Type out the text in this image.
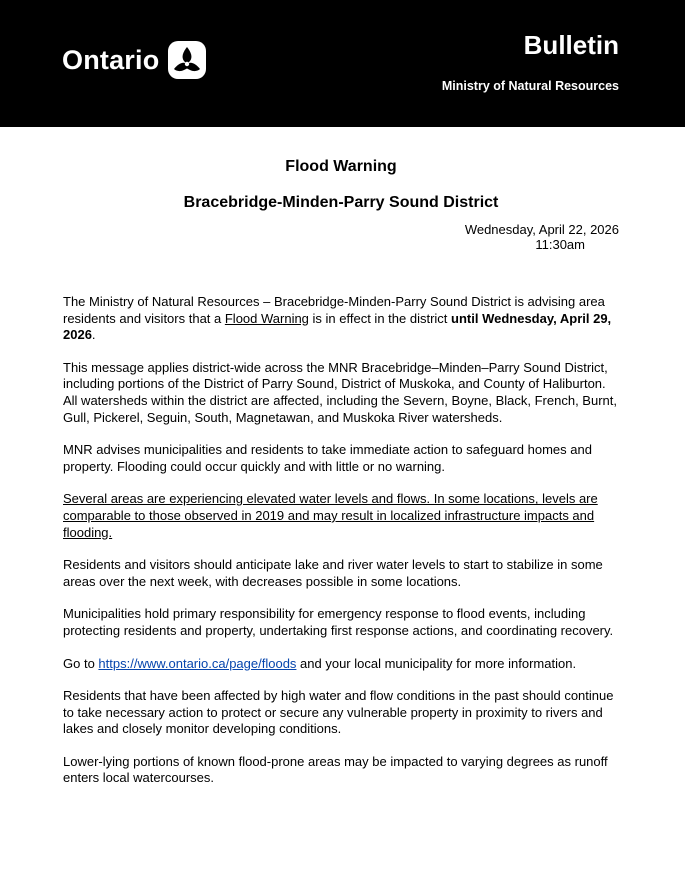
Ontario	Bulletin
Ministry of Natural Resources
Flood Warning
Bracebridge-Minden-Parry Sound District
Wednesday, April 22, 2026
11:30am

The Ministry of Natural Resources – Bracebridge-Minden-Parry Sound District is advising area residents and visitors that a Flood Warning is in effect in the district until Wednesday, April 29, 2026.

This message applies district-wide across the MNR Bracebridge–Minden–Parry Sound District, including portions of the District of Parry Sound, District of Muskoka, and County of Haliburton. All watersheds within the district are affected, including the Severn, Boyne, Black, French, Burnt, Gull, Pickerel, Seguin, South, Magnetawan, and Muskoka River watersheds.

MNR advises municipalities and residents to take immediate action to safeguard homes and property. Flooding could occur quickly and with little or no warning.

Several areas are experiencing elevated water levels and flows. In some locations, levels are comparable to those observed in 2019 and may result in localized infrastructure impacts and flooding.

Residents and visitors should anticipate lake and river water levels to start to stabilize in some areas over the next week, with decreases possible in some locations.

Municipalities hold primary responsibility for emergency response to flood events, including protecting residents and property, undertaking first response actions, and coordinating recovery.

Go to https://www.ontario.ca/page/floods and your local municipality for more information.

Residents that have been affected by high water and flow conditions in the past should continue to take necessary action to protect or secure any vulnerable property in proximity to rivers and lakes and closely monitor developing conditions.

Lower-lying portions of known flood-prone areas may be impacted to varying degrees as runoff enters local watercourses.
